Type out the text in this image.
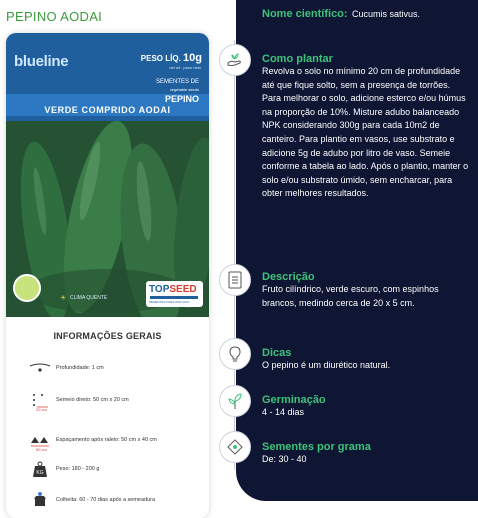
PEPINO AODAI
blueline	PESO LÍQ. 10g
net wt · peso neto
SEMENTES DE
vegetable seeds
PEPINO
VERDE COMPRIDO AODAI
☀ CLIMA QUENTE
TOPSEED
SEMENTES PARA UMA VIDA
INFORMAÇÕES GERAIS
Profundidade: 1 cm
Semeio direto: 50 cm x 20 cm
20 cm
Espaçamento após raleio: 50 cm x 40 cm
50 cm
KG
Peso: 180 - 200 g
Colheita: 60 - 70 dias após a semeadura
Nome científico: Cucumis sativus.
Como plantar
Revolva o solo no mínimo 20 cm de profundidade até que fique solto, sem a presença de torrões. Para melhorar o solo, adicione esterco e/ou húmus na proporção de 10%. Misture adubo balanceado NPK considerando 300g para cada 10m2 de canteiro. Para plantio em vasos, use substrato e adicione 5g de adubo por litro de vaso. Semeie conforme a tabela ao lado. Após o plantio, manter o solo e/ou substrato úmido, sem encharcar, para obter melhores resultados.
Descrição
Fruto cilíndrico, verde escuro, com espinhos brancos, medindo cerca de 20 x 5 cm.
Dicas
O pepino é um diurético natural.
Germinação
4 - 14 dias
Sementes por grama
De: 30 - 40
